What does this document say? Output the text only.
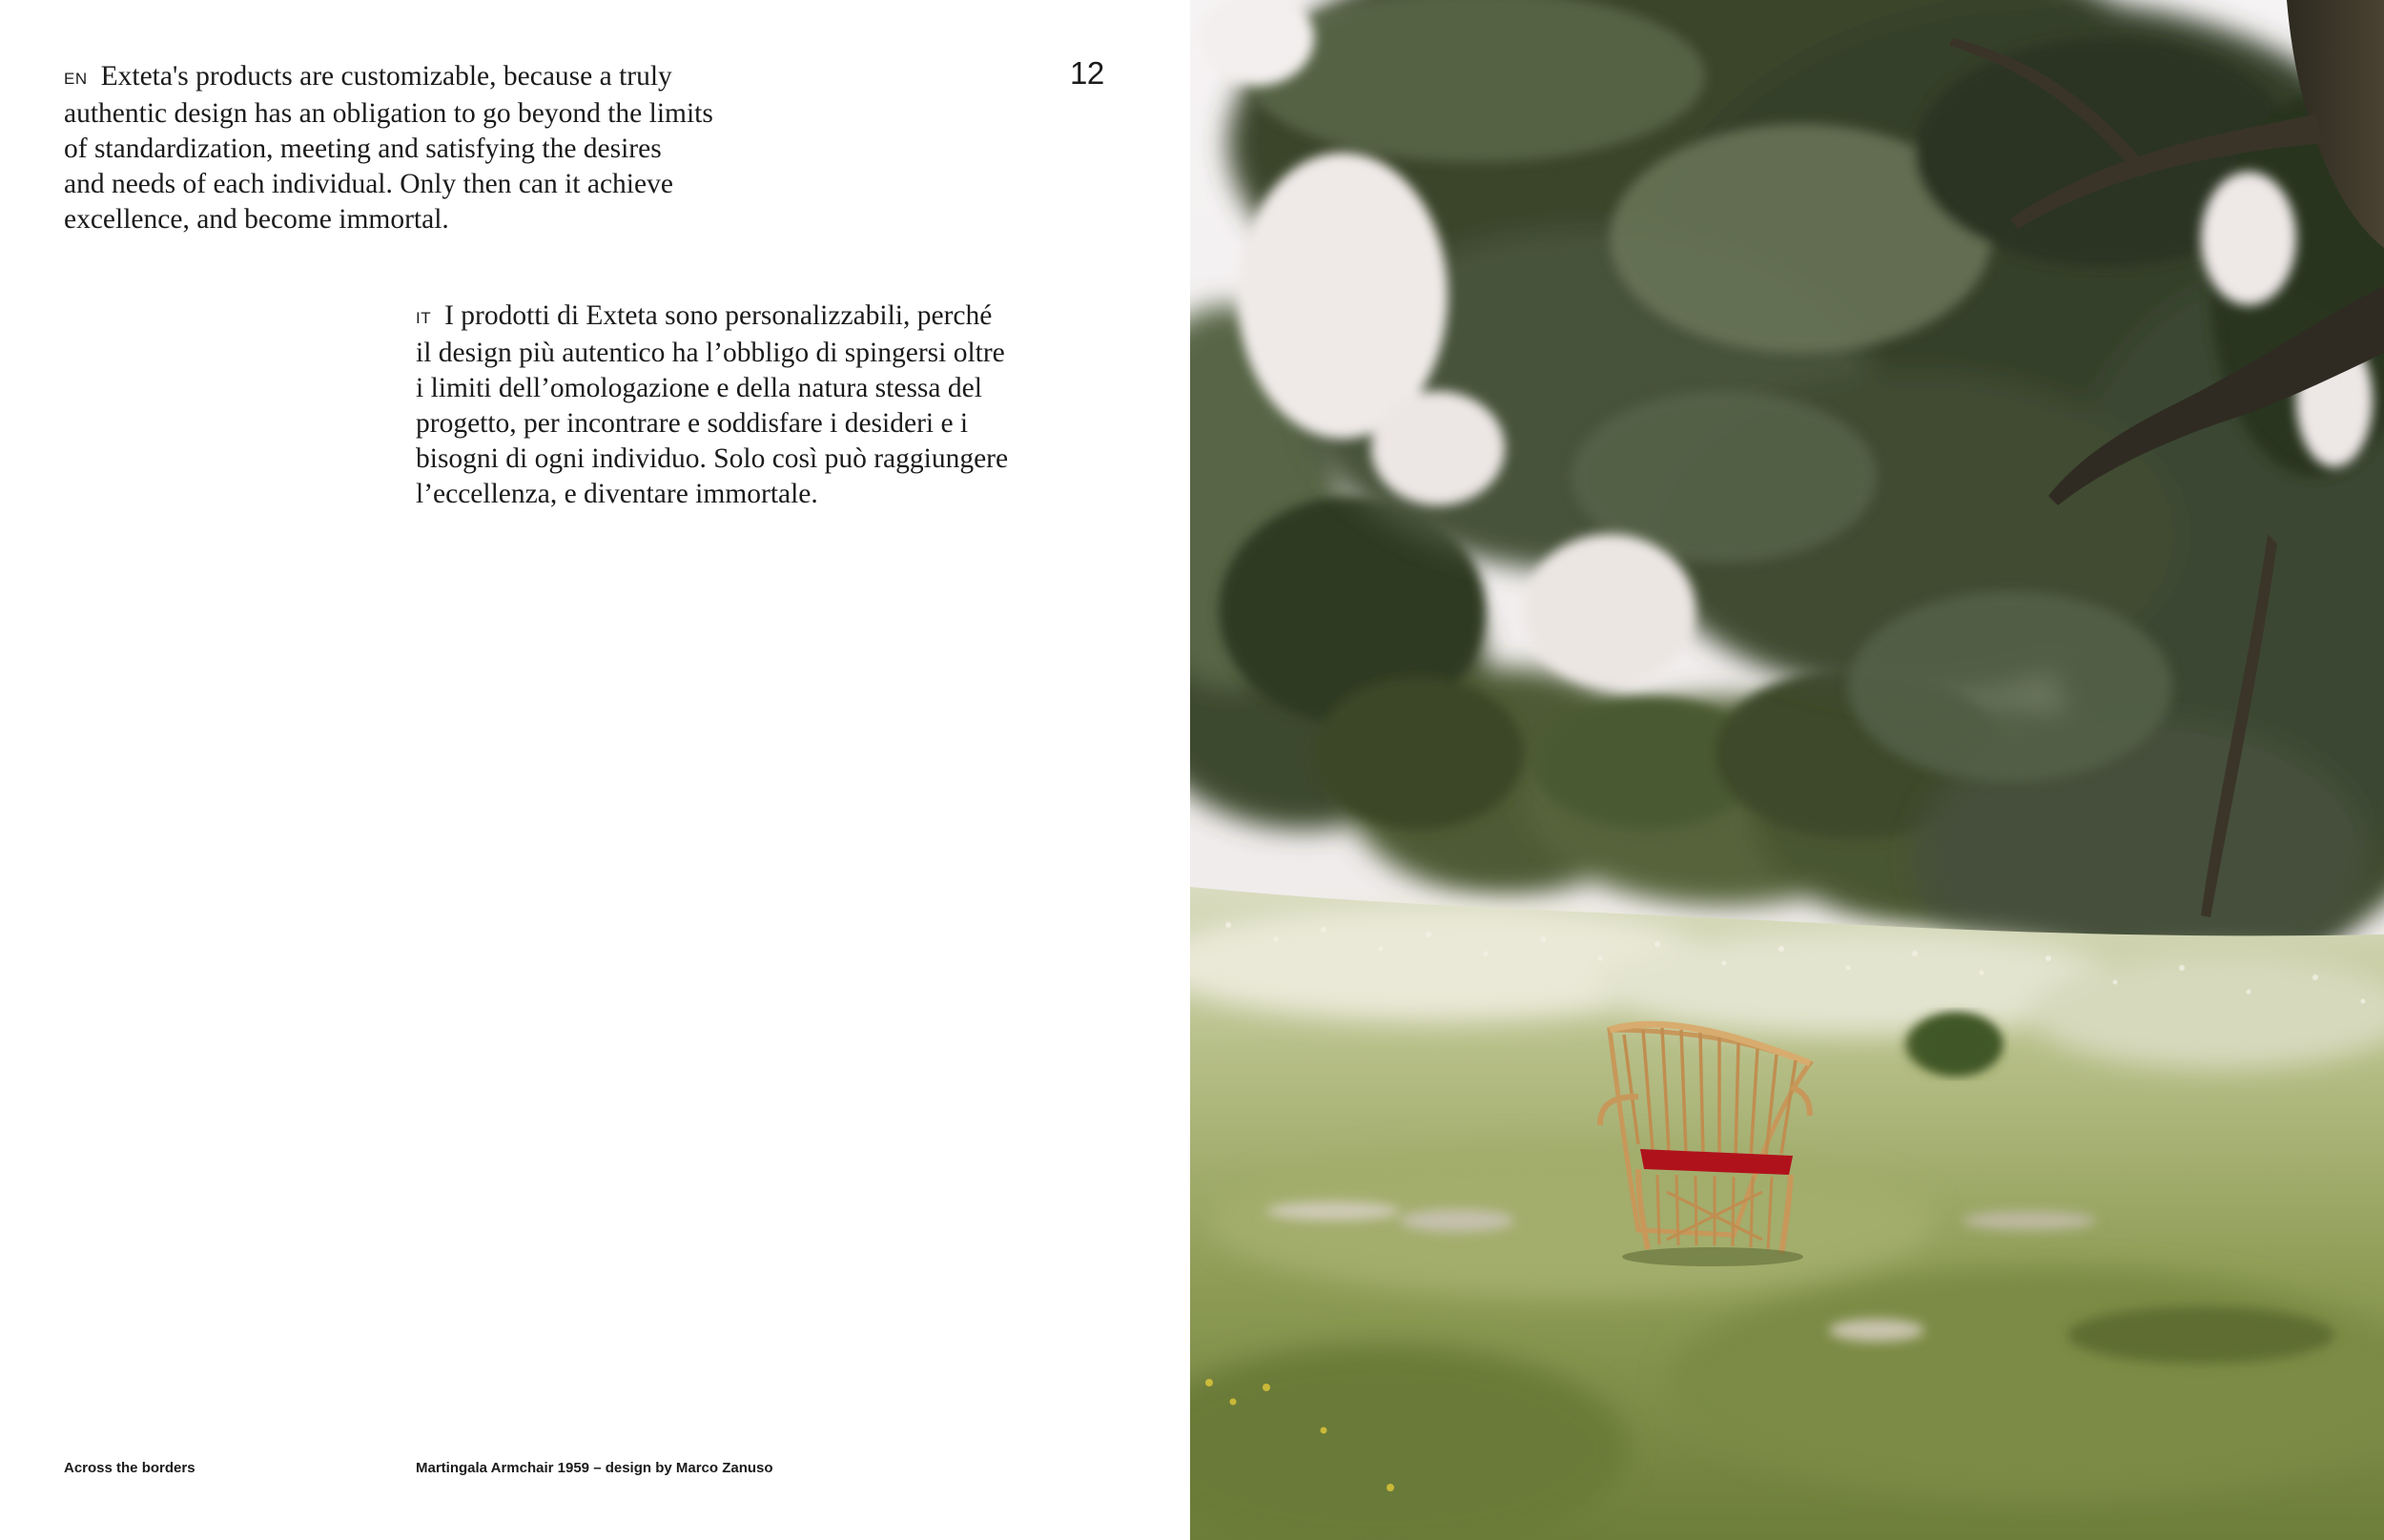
EN Exteta's products are customizable, because a truly
authentic design has an obligation to go beyond the limits
of standardization, meeting and satisfying the desires
and needs of each individual. Only then can it achieve
excellence, and become immortal.
12
IT I prodotti di Exteta sono personalizzabili, perché
il design più autentico ha l’obbligo di spingersi oltre
i limiti dell’omologazione e della natura stessa del
progetto, per incontrare e soddisfare i desideri e i
bisogni di ogni individuo. Solo così può raggiungere
l’eccellenza, e diventare immortale.
Across the borders	Martingala Armchair 1959 – design by Marco Zanuso
